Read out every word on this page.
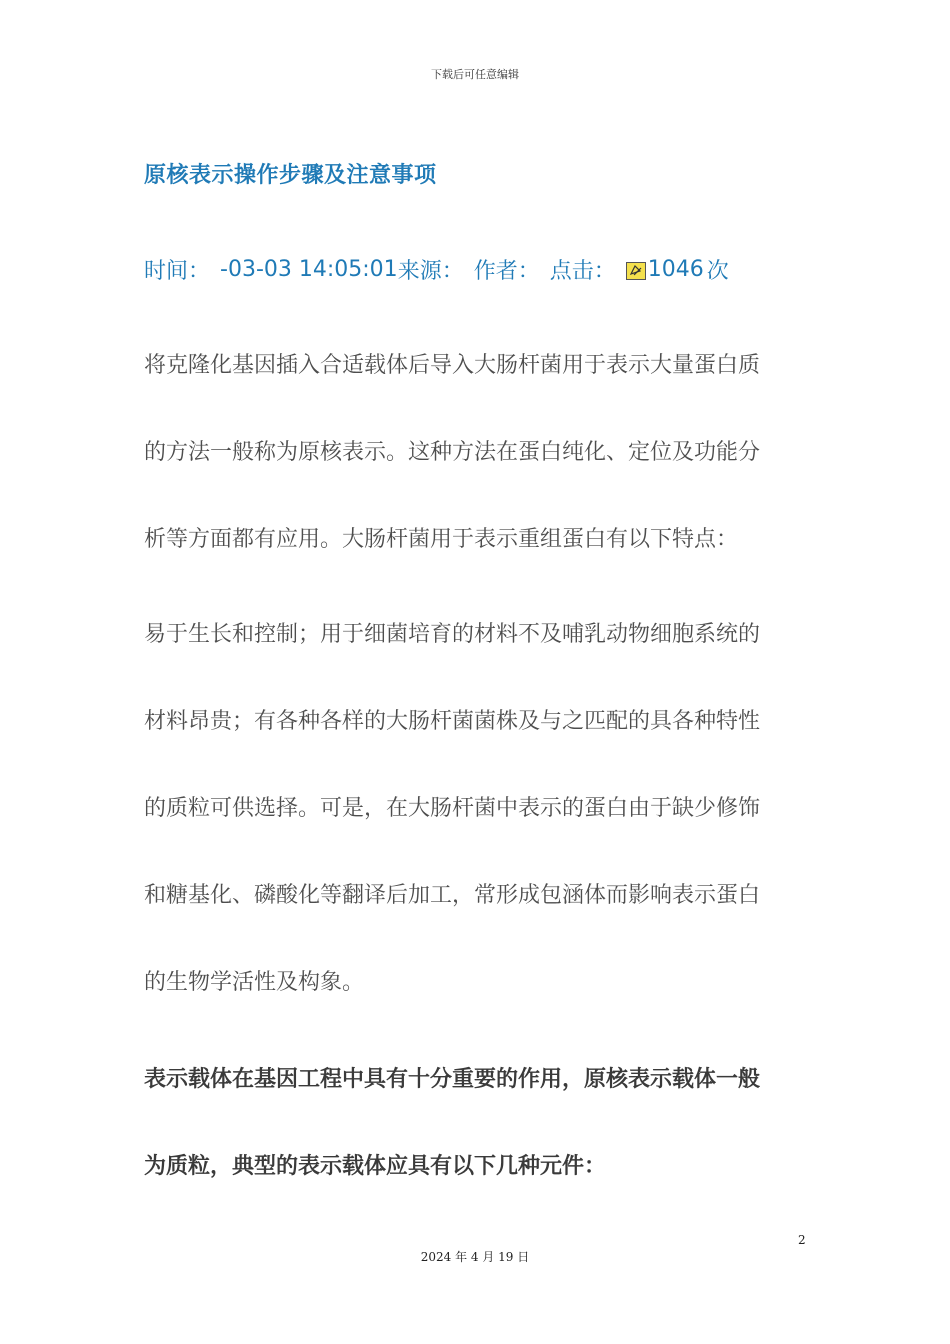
下载后可任意编辑
原核表示操作步骤及注意事项
时间： -03-03 14:05:01 来源： 作者： 点击： 1046 次
将克隆化基因插入合适载体后导入大肠杆菌用于表示大量蛋白质
的方法一般称为原核表示。这种方法在蛋白纯化、定位及功能分
析等方面都有应用。大肠杆菌用于表示重组蛋白有以下特点：
易于生长和控制；用于细菌培育的材料不及哺乳动物细胞系统的
材料昂贵；有各种各样的大肠杆菌菌株及与之匹配的具各种特性
的质粒可供选择。可是，在大肠杆菌中表示的蛋白由于缺少修饰
和糖基化、磷酸化等翻译后加工，常形成包涵体而影响表示蛋白
的生物学活性及构象。
表示载体在基因工程中具有十分重要的作用，原核表示载体一般
为质粒，典型的表示载体应具有以下几种元件：
2
2024 年 4 月 19 日
